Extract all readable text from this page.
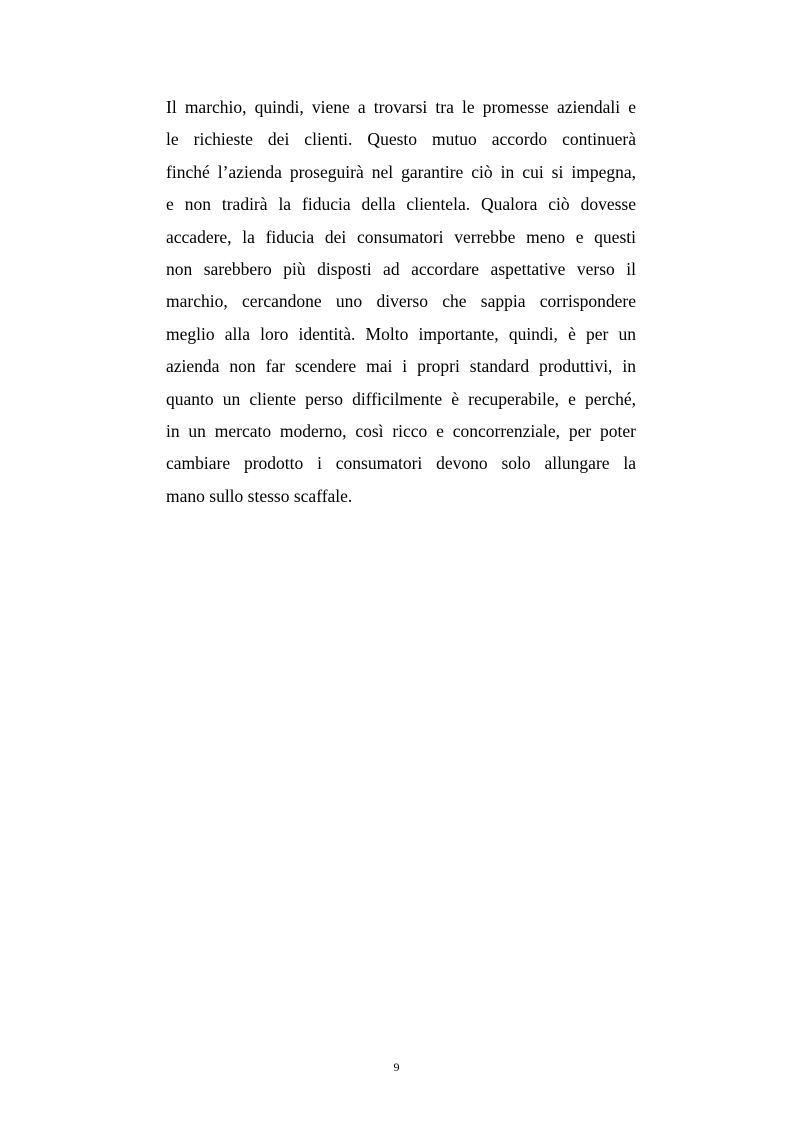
Il marchio, quindi, viene a trovarsi tra le promesse aziendali e
le richieste dei clienti. Questo mutuo accordo continuerà
finché l’azienda proseguirà nel garantire ciò in cui si impegna,
e non tradirà la fiducia della clientela. Qualora ciò dovesse
accadere, la fiducia dei consumatori verrebbe meno e questi
non sarebbero più disposti ad accordare aspettative verso il
marchio, cercandone uno diverso che sappia corrispondere
meglio alla loro identità. Molto importante, quindi, è per un
azienda non far scendere mai i propri standard produttivi, in
quanto un cliente perso difficilmente è recuperabile, e perché,
in un mercato moderno, così ricco e concorrenziale, per poter
cambiare prodotto i consumatori devono solo allungare la
mano sullo stesso scaffale.

9
